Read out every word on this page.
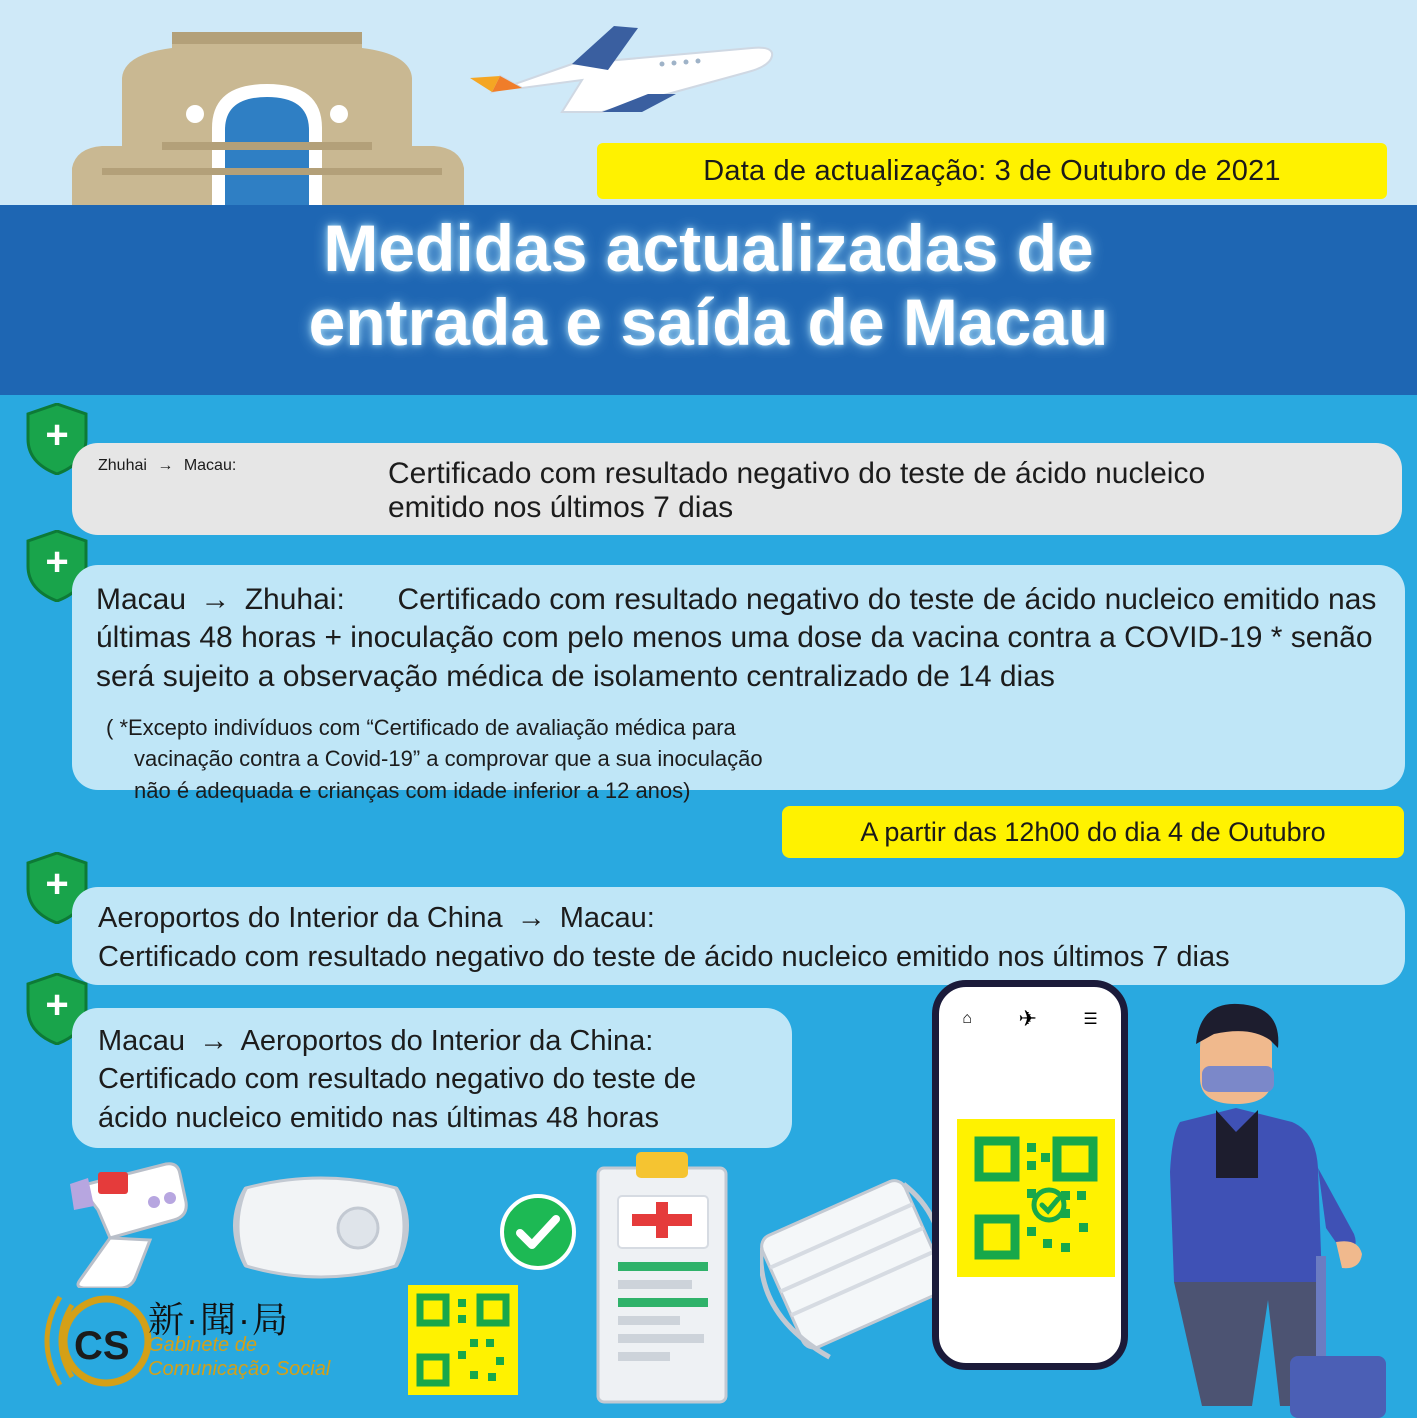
Data de actualização: 3 de Outubro de 2021
Medidas actualizadas de
entrada e saída de Macau
+
Zhuhai → Macau:	Certificado com resultado negativo do teste de ácido nucleico
emitido nos últimos 7 dias
+
Macau → Zhuhai: Certificado com resultado negativo do teste de ácido nucleico emitido nas últimas 48 horas + inoculação com pelo menos uma dose da vacina contra a COVID-19 * senão será sujeito a observação médica de isolamento centralizado de 14 dias
( *Excepto indivíduos com “Certificado de avaliação médica para
vacinação contra a Covid-19” a comprovar que a sua inoculação
não é adequada e crianças com idade inferior a 12 anos)
A partir das 12h00 do dia 4 de Outubro
+
Aeroportos do Interior da China → Macau:
Certificado com resultado negativo do teste de ácido nucleico emitido nos últimos 7 dias
+
Macau → Aeroportos do Interior da China:
Certificado com resultado negativo do teste de
ácido nucleico emitido nas últimas 48 horas
⌂ ✈	☰
CS
新·聞·局
Gabinete de
Comunicação Social
